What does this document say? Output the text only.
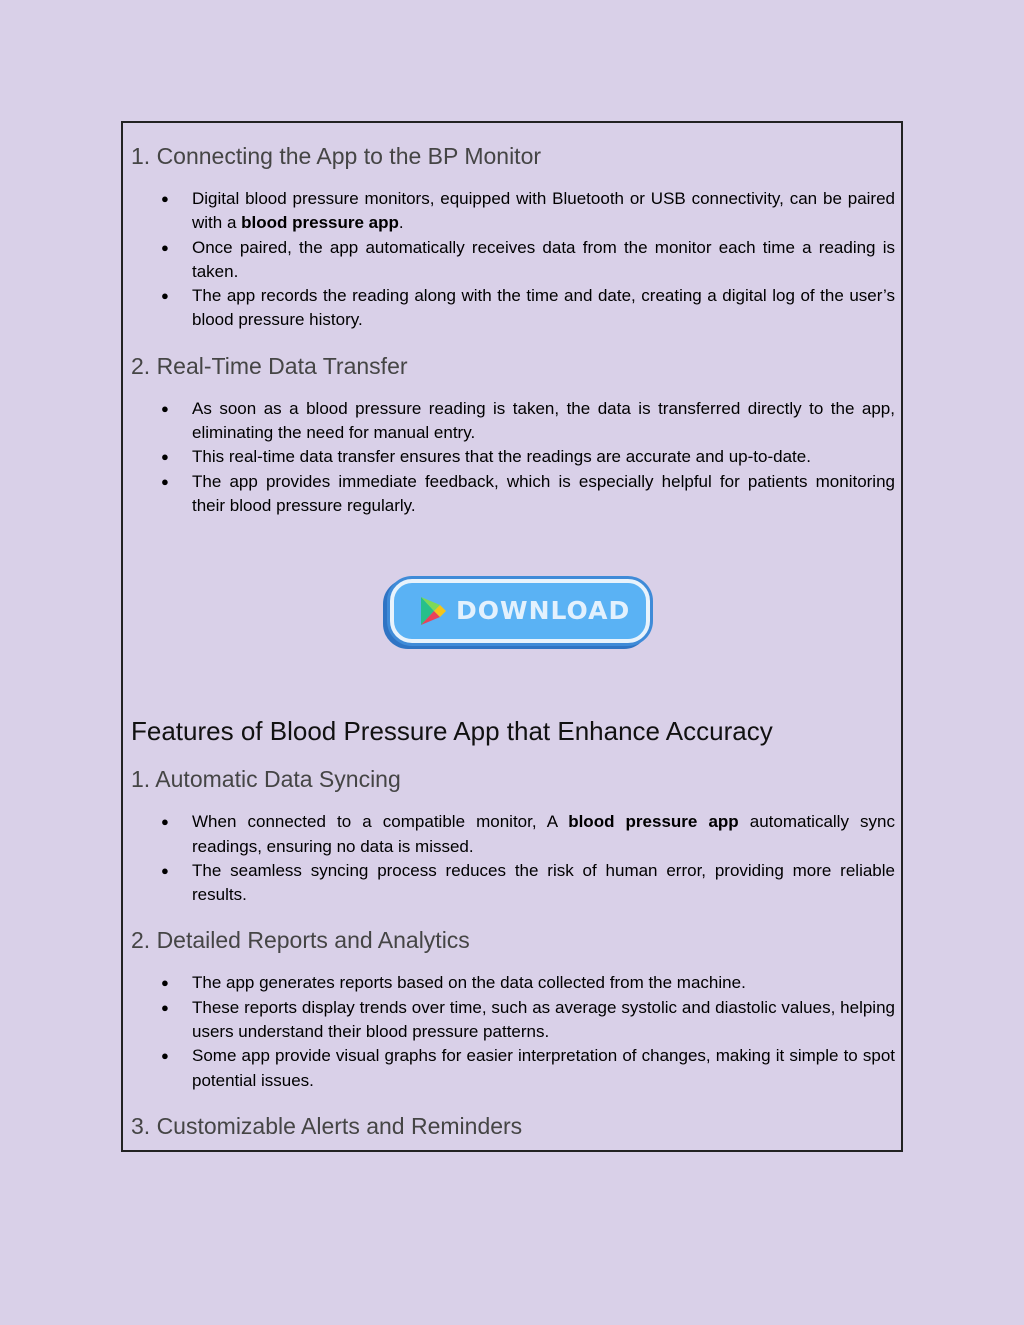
1. Connecting the App to the BP Monitor
● Digital blood pressure monitors, equipped with Bluetooth or USB connectivity, can be paired with a blood pressure app.
● Once paired, the app automatically receives data from the monitor each time a reading is taken.
● The app records the reading along with the time and date, creating a digital log of the user’s blood pressure history.
2. Real-Time Data Transfer
● As soon as a blood pressure reading is taken, the data is transferred directly to the app, eliminating the need for manual entry.
● This real-time data transfer ensures that the readings are accurate and up-to-date.
● The app provides immediate feedback, which is especially helpful for patients monitoring their blood pressure regularly.
DOWNLOAD
Features of Blood Pressure App that Enhance Accuracy
1. Automatic Data Syncing
● When connected to a compatible monitor, A blood pressure app automatically sync readings, ensuring no data is missed.
● The seamless syncing process reduces the risk of human error, providing more reliable results.
2. Detailed Reports and Analytics
● The app generates reports based on the data collected from the machine.
● These reports display trends over time, such as average systolic and diastolic values, helping users understand their blood pressure patterns.
● Some app provide visual graphs for easier interpretation of changes, making it simple to spot potential issues.
3. Customizable Alerts and Reminders
